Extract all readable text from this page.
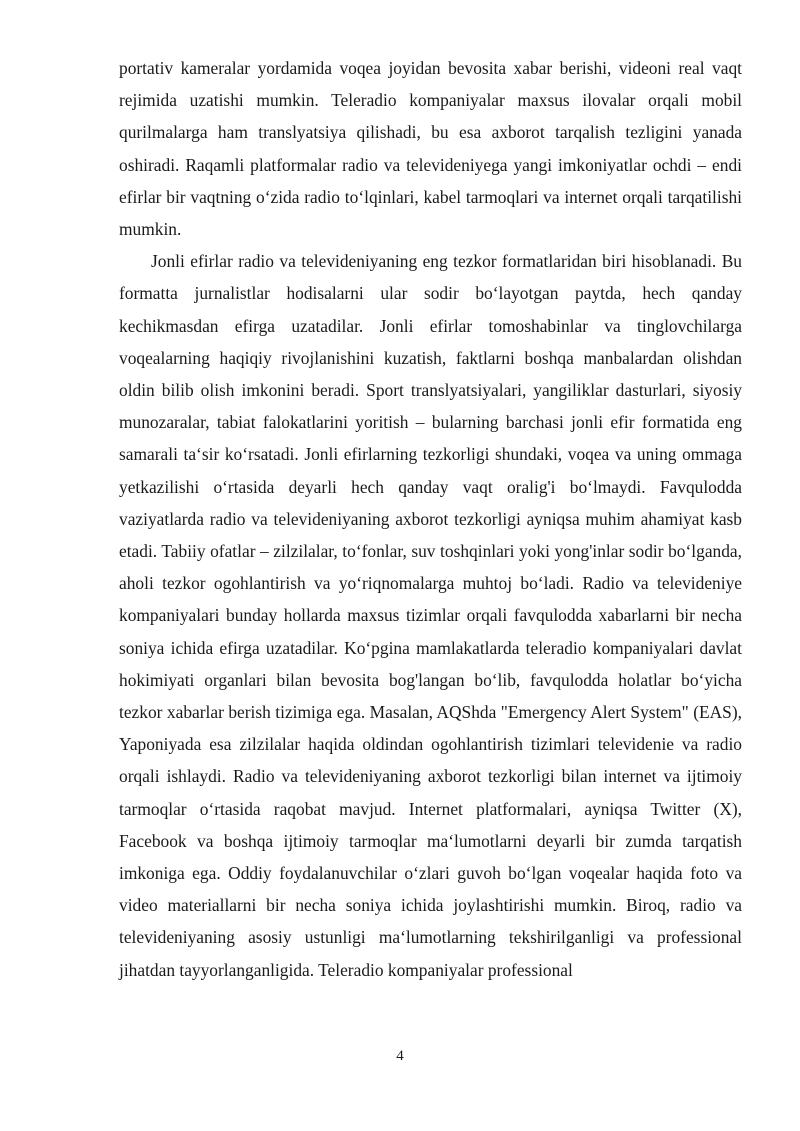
portativ kameralar yordamida voqea joyidan bevosita xabar berishi, videoni real vaqt rejimida uzatishi mumkin. Teleradio kompaniyalar maxsus ilovalar orqali mobil qurilmalarga ham translyatsiya qilishadi, bu esa axborot tarqalish tezligini yanada oshiradi. Raqamli platformalar radio va televideniyega yangi imkoniyatlar ochdi – endi efirlar bir vaqtning o‘zida radio to‘lqinlari, kabel tarmoqlari va internet orqali tarqatilishi mumkin.

Jonli efirlar radio va televideniyaning eng tezkor formatlaridan biri hisoblanadi. Bu formatta jurnalistlar hodisalarni ular sodir bo‘layotgan paytda, hech qanday kechikmasdan efirga uzatadilar. Jonli efirlar tomoshabinlar va tinglovchilarga voqealarning haqiqiy rivojlanishini kuzatish, faktlarni boshqa manbalardan olishdan oldin bilib olish imkonini beradi. Sport translyatsiyalari, yangiliklar dasturlari, siyosiy munozaralar, tabiat falokatlarini yoritish – bularning barchasi jonli efir formatida eng samarali ta‘sir ko‘rsatadi. Jonli efirlarning tezkorligi shundaki, voqea va uning ommaga yetkazilishi o‘rtasida deyarli hech qanday vaqt oralig'i bo‘lmaydi. Favqulodda vaziyatlarda radio va televideniyaning axborot tezkorligi ayniqsa muhim ahamiyat kasb etadi. Tabiiy ofatlar – zilzilalar, to‘fonlar, suv toshqinlari yoki yong'inlar sodir bo‘lganda, aholi tezkor ogohlantirish va yo‘riqnomalarga muhtoj bo‘ladi. Radio va televideniye kompaniyalari bunday hollarda maxsus tizimlar orqali favqulodda xabarlarni bir necha soniya ichida efirga uzatadilar. Ko‘pgina mamlakatlarda teleradio kompaniyalari davlat hokimiyati organlari bilan bevosita bog'langan bo‘lib, favqulodda holatlar bo‘yicha tezkor xabarlar berish tizimiga ega. Masalan, AQShda "Emergency Alert System" (EAS), Yaponiyada esa zilzilalar haqida oldindan ogohlantirish tizimlari televidenie va radio orqali ishlaydi. Radio va televideniyaning axborot tezkorligi bilan internet va ijtimoiy tarmoqlar o‘rtasida raqobat mavjud. Internet platformalari, ayniqsa Twitter (X), Facebook va boshqa ijtimoiy tarmoqlar ma‘lumotlarni deyarli bir zumda tarqatish imkoniga ega. Oddiy foydalanuvchilar o‘zlari guvoh bo‘lgan voqealar haqida foto va video materiallarni bir necha soniya ichida joylashtirishi mumkin. Biroq, radio va televideniyaning asosiy ustunligi ma‘lumotlarning tekshirilganligi va professional jihatdan tayyorlanganligida. Teleradio kompaniyalar professional

4
